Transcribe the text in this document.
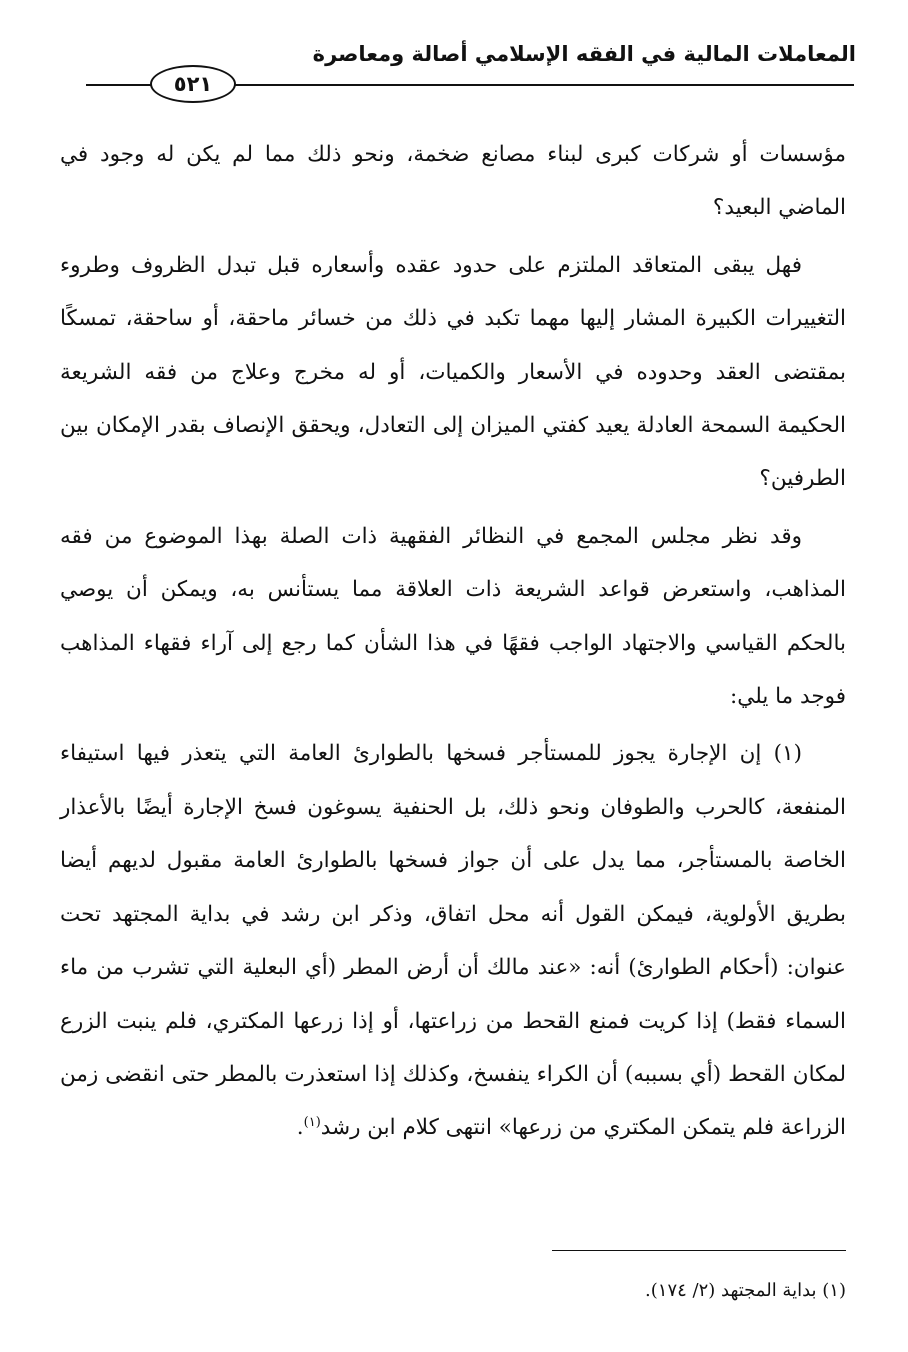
المعاملات المالية في الفقه الإسلامي أصالة ومعاصرة
٥٢١

مؤسسات أو شركات كبرى لبناء مصانع ضخمة، ونحو ذلك مما لم يكن له وجود في الماضي البعيد؟

فهل يبقى المتعاقد الملتزم على حدود عقده وأسعاره قبل تبدل الظروف وطروء التغييرات الكبيرة المشار إليها مهما تكبد في ذلك من خسائر ماحقة، أو ساحقة، تمسكًا بمقتضى العقد وحدوده في الأسعار والكميات، أو له مخرج وعلاج من فقه الشريعة الحكيمة السمحة العادلة يعيد كفتي الميزان إلى التعادل، ويحقق الإنصاف بقدر الإمكان بين الطرفين؟

وقد نظر مجلس المجمع في النظائر الفقهية ذات الصلة بهذا الموضوع من فقه المذاهب، واستعرض قواعد الشريعة ذات العلاقة مما يستأنس به، ويمكن أن يوصي بالحكم القياسي والاجتهاد الواجب فقهًا في هذا الشأن كما رجع إلى آراء فقهاء المذاهب فوجد ما يلي:

(١) إن الإجارة يجوز للمستأجر فسخها بالطوارئ العامة التي يتعذر فيها استيفاء المنفعة، كالحرب والطوفان ونحو ذلك، بل الحنفية يسوغون فسخ الإجارة أيضًا بالأعذار الخاصة بالمستأجر، مما يدل على أن جواز فسخها بالطوارئ العامة مقبول لديهم أيضا بطريق الأولوية، فيمكن القول أنه محل اتفاق، وذكر ابن رشد في بداية المجتهد تحت عنوان: (أحكام الطوارئ) أنه: «عند مالك أن أرض المطر (أي البعلية التي تشرب من ماء السماء فقط) إذا كريت فمنع القحط من زراعتها، أو إذا زرعها المكتري، فلم ينبت الزرع لمكان القحط (أي بسببه) أن الكراء ينفسخ، وكذلك إذا استعذرت بالمطر حتى انقضى زمن الزراعة فلم يتمكن المكتري من زرعها» انتهى كلام ابن رشد$^{(١)}$.

(١) بداية المجتهد (٢/ ١٧٤).
